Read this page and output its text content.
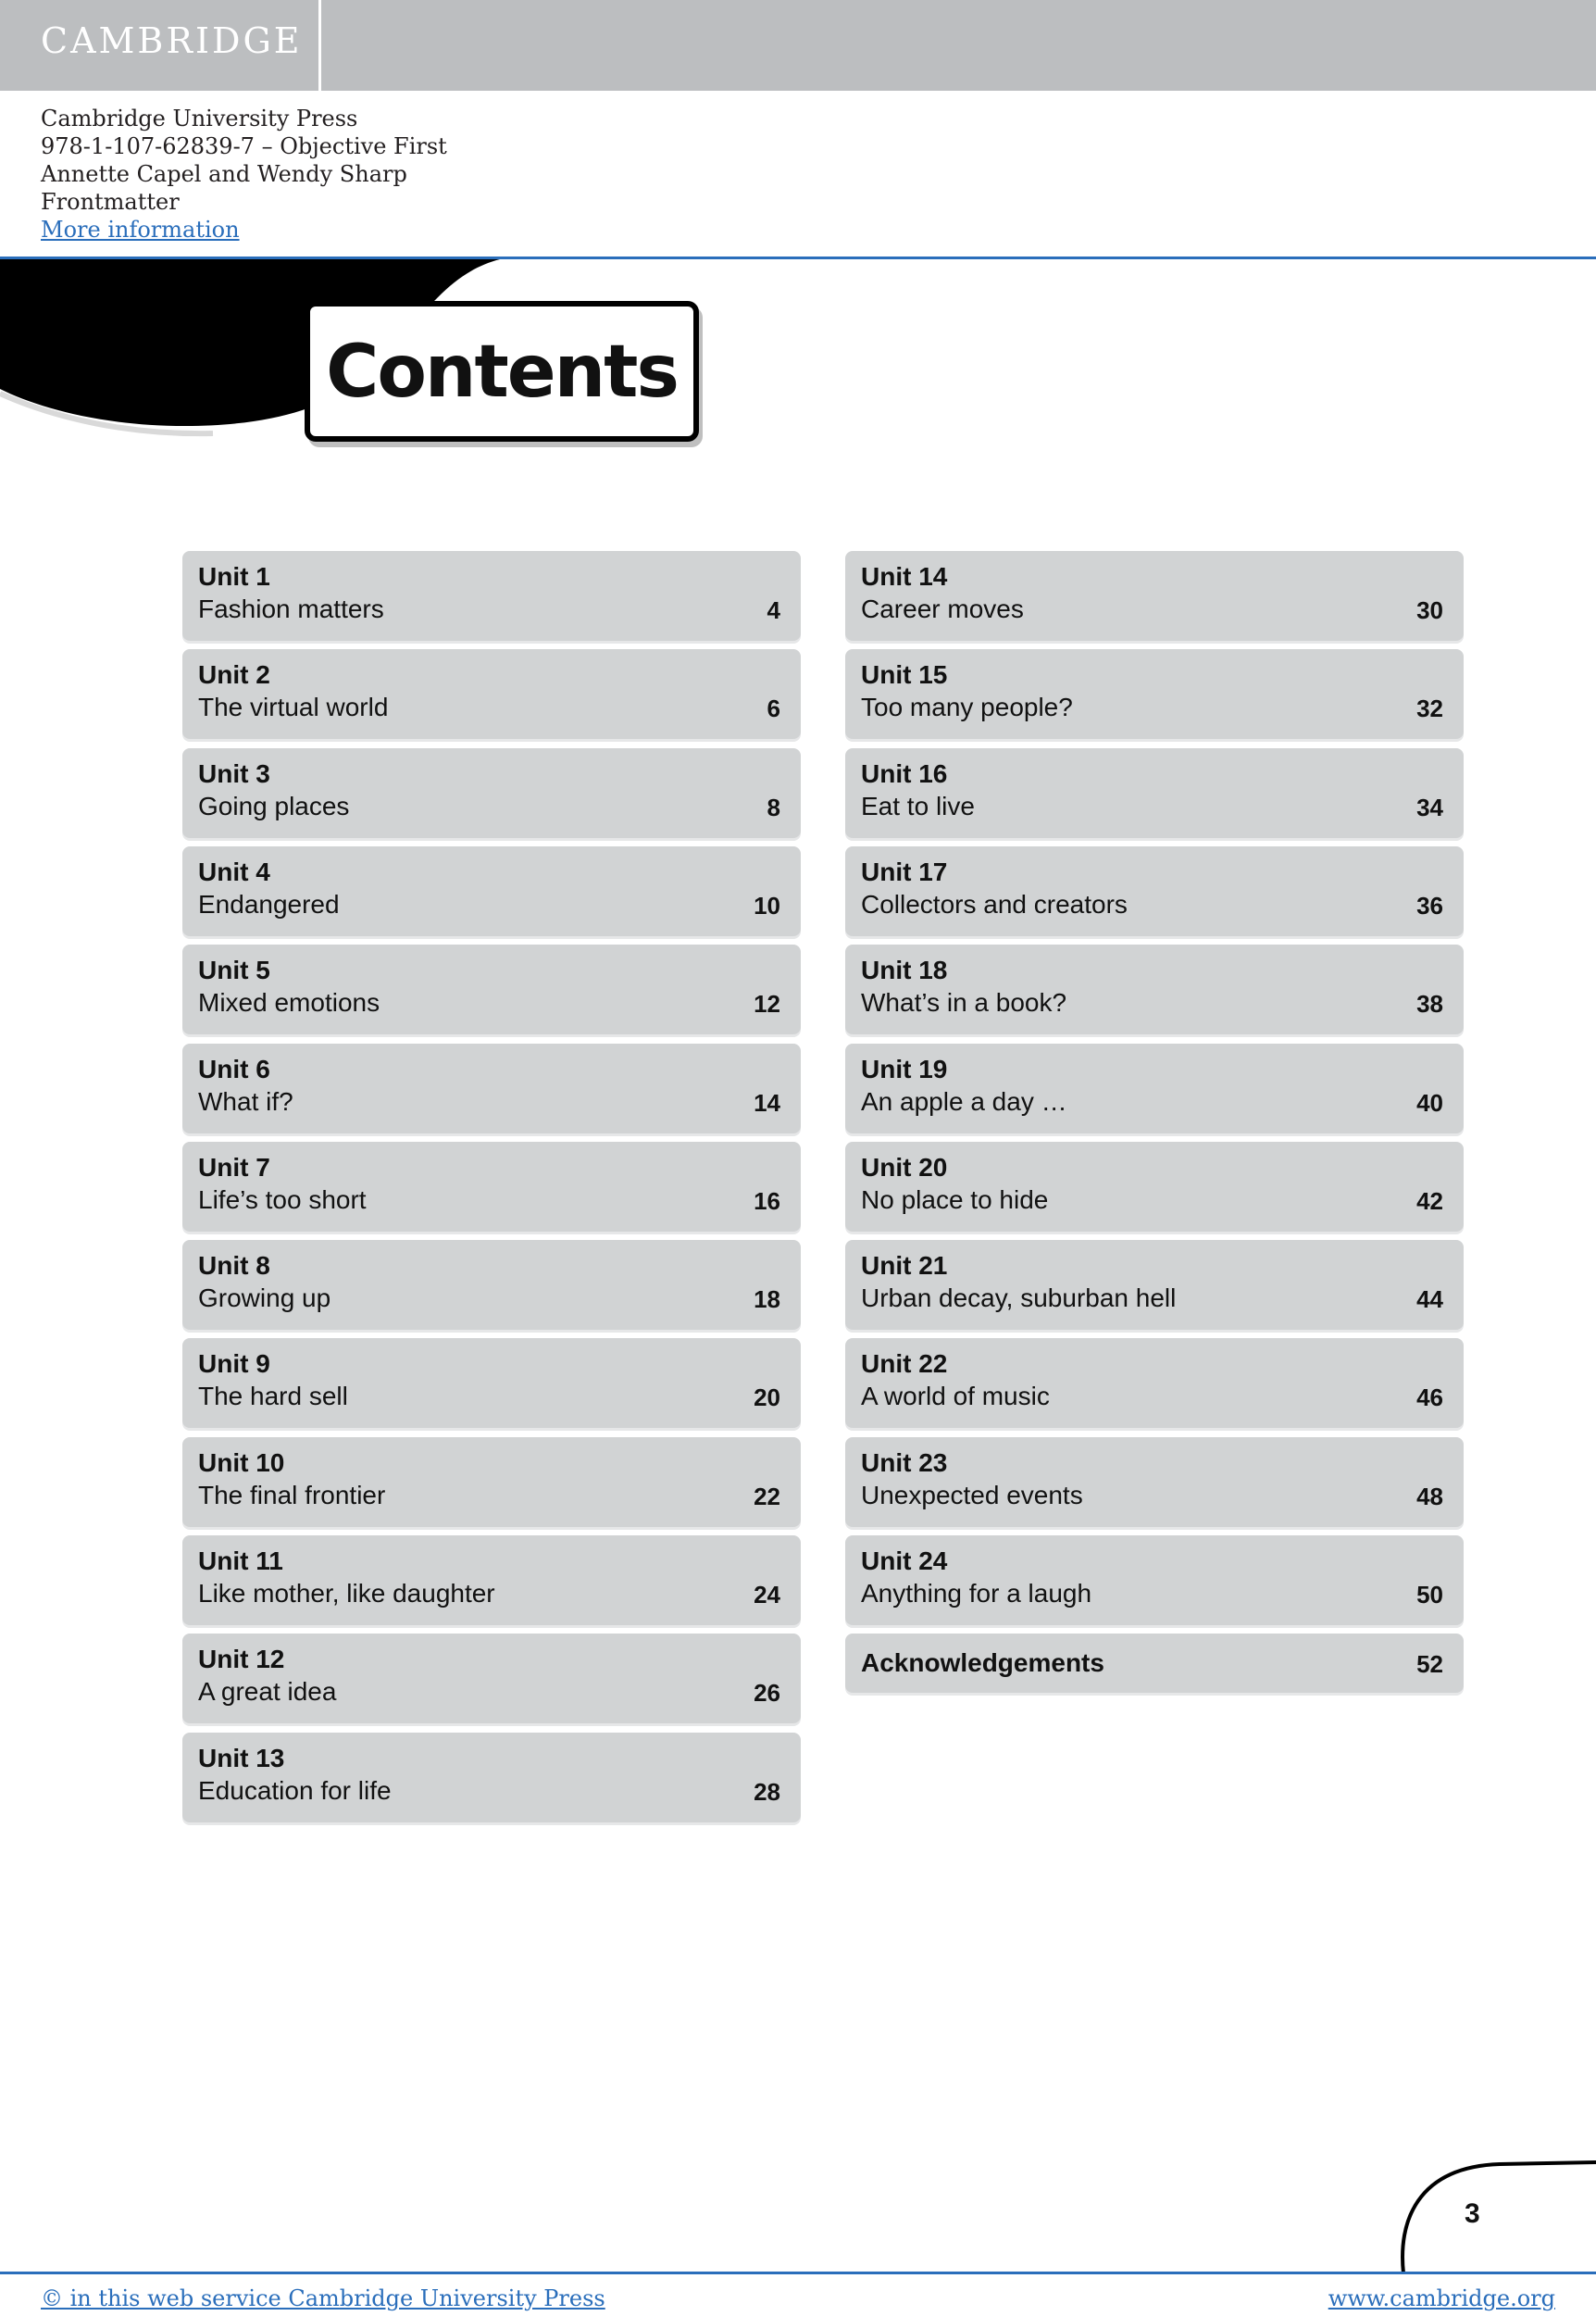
CAMBRIDGE
Cambridge University Press
978-1-107-62839-7 – Objective First
Annette Capel and Wendy Sharp
Frontmatter
More information
Contents
Unit 1
Fashion matters	4
Unit 2
The virtual world	6
Unit 3
Going places	8
Unit 4
Endangered	10
Unit 5
Mixed emotions	12
Unit 6
What if?	14
Unit 7
Life’s too short	16
Unit 8
Growing up	18
Unit 9
The hard sell	20
Unit 10
The final frontier	22
Unit 11
Like mother, like daughter	24
Unit 12
A great idea	26
Unit 13
Education for life	28
Unit 14
Career moves	30
Unit 15
Too many people?	32
Unit 16
Eat to live	34
Unit 17
Collectors and creators	36
Unit 18
What’s in a book?	38
Unit 19
An apple a day …	40
Unit 20
No place to hide	42
Unit 21
Urban decay, suburban hell	44
Unit 22
A world of music	46
Unit 23
Unexpected events	48
Unit 24
Anything for a laugh	50
Acknowledgements	52
3
© in this web service Cambridge University Press	www.cambridge.org
